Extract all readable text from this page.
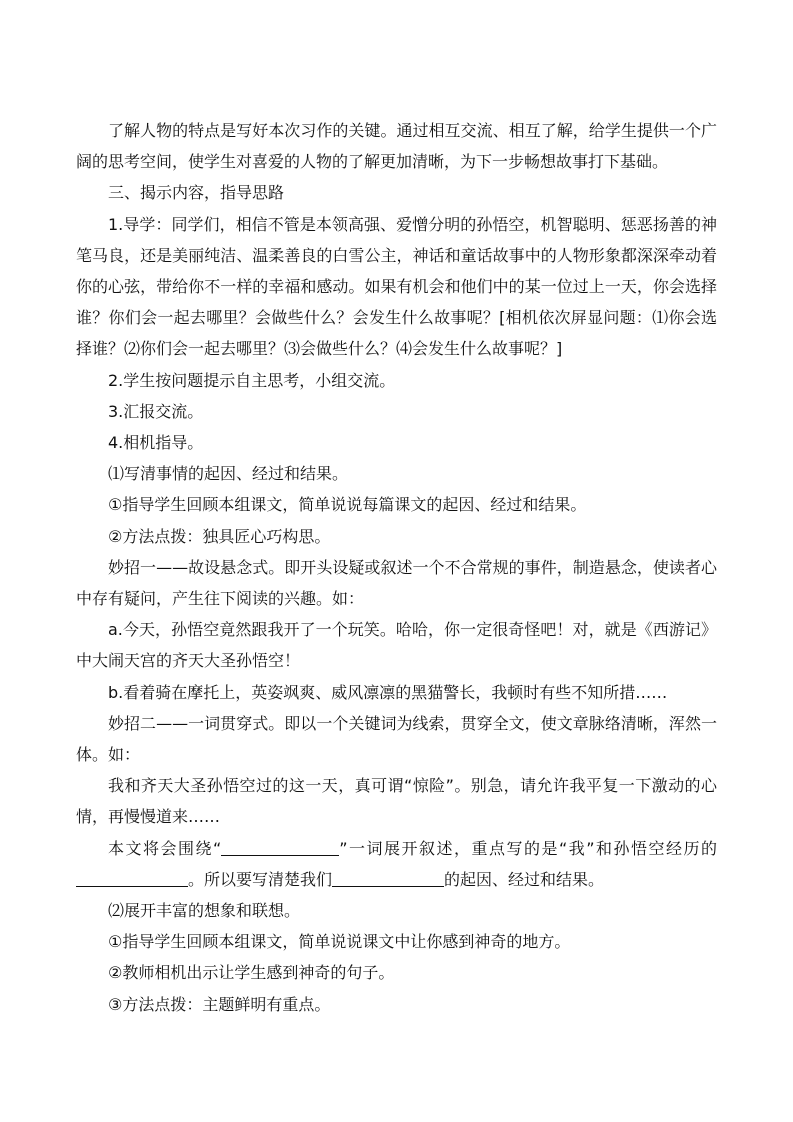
了解人物的特点是写好本次习作的关键。通过相互交流、相互了解，给学生提供一个广阔的思考空间，使学生对喜爱的人物的了解更加清晰，为下一步畅想故事打下基础。

三、揭示内容，指导思路

1.导学：同学们，相信不管是本领高强、爱憎分明的孙悟空，机智聪明、惩恶扬善的神笔马良，还是美丽纯洁、温柔善良的白雪公主，神话和童话故事中的人物形象都深深牵动着你的心弦，带给你不一样的幸福和感动。如果有机会和他们中的某一位过上一天，你会选择谁？你们会一起去哪里？会做些什么？会发生什么故事呢？[相机依次屏显问题：⑴你会选择谁？⑵你们会一起去哪里？⑶会做些什么？⑷会发生什么故事呢？]

2.学生按问题提示自主思考，小组交流。

3.汇报交流。

4.相机指导。

⑴写清事情的起因、经过和结果。

①指导学生回顾本组课文，简单说说每篇课文的起因、经过和结果。

②方法点拨：独具匠心巧构思。

妙招一——故设悬念式。即开头设疑或叙述一个不合常规的事件，制造悬念，使读者心中存有疑问，产生往下阅读的兴趣。如：

a.今天，孙悟空竟然跟我开了一个玩笑。哈哈，你一定很奇怪吧！对，就是《西游记》中大闹天宫的齐天大圣孙悟空！

b.看着骑在摩托上，英姿飒爽、威风凛凛的黑猫警长，我顿时有些不知所措……

妙招二——一词贯穿式。即以一个关键词为线索，贯穿全文，使文章脉络清晰，浑然一体。如：

我和齐天大圣孙悟空过的这一天，真可谓“惊险”。别急，请允许我平复一下激动的心情，再慢慢道来……

本文将会围绕“	”一词展开叙述，重点写的是“我”和孙悟空经历的。所以要写清楚我们	的起因、经过和结果。

⑵展开丰富的想象和联想。

①指导学生回顾本组课文，简单说说课文中让你感到神奇的地方。

②教师相机出示让学生感到神奇的句子。

③方法点拨：主题鲜明有重点。
